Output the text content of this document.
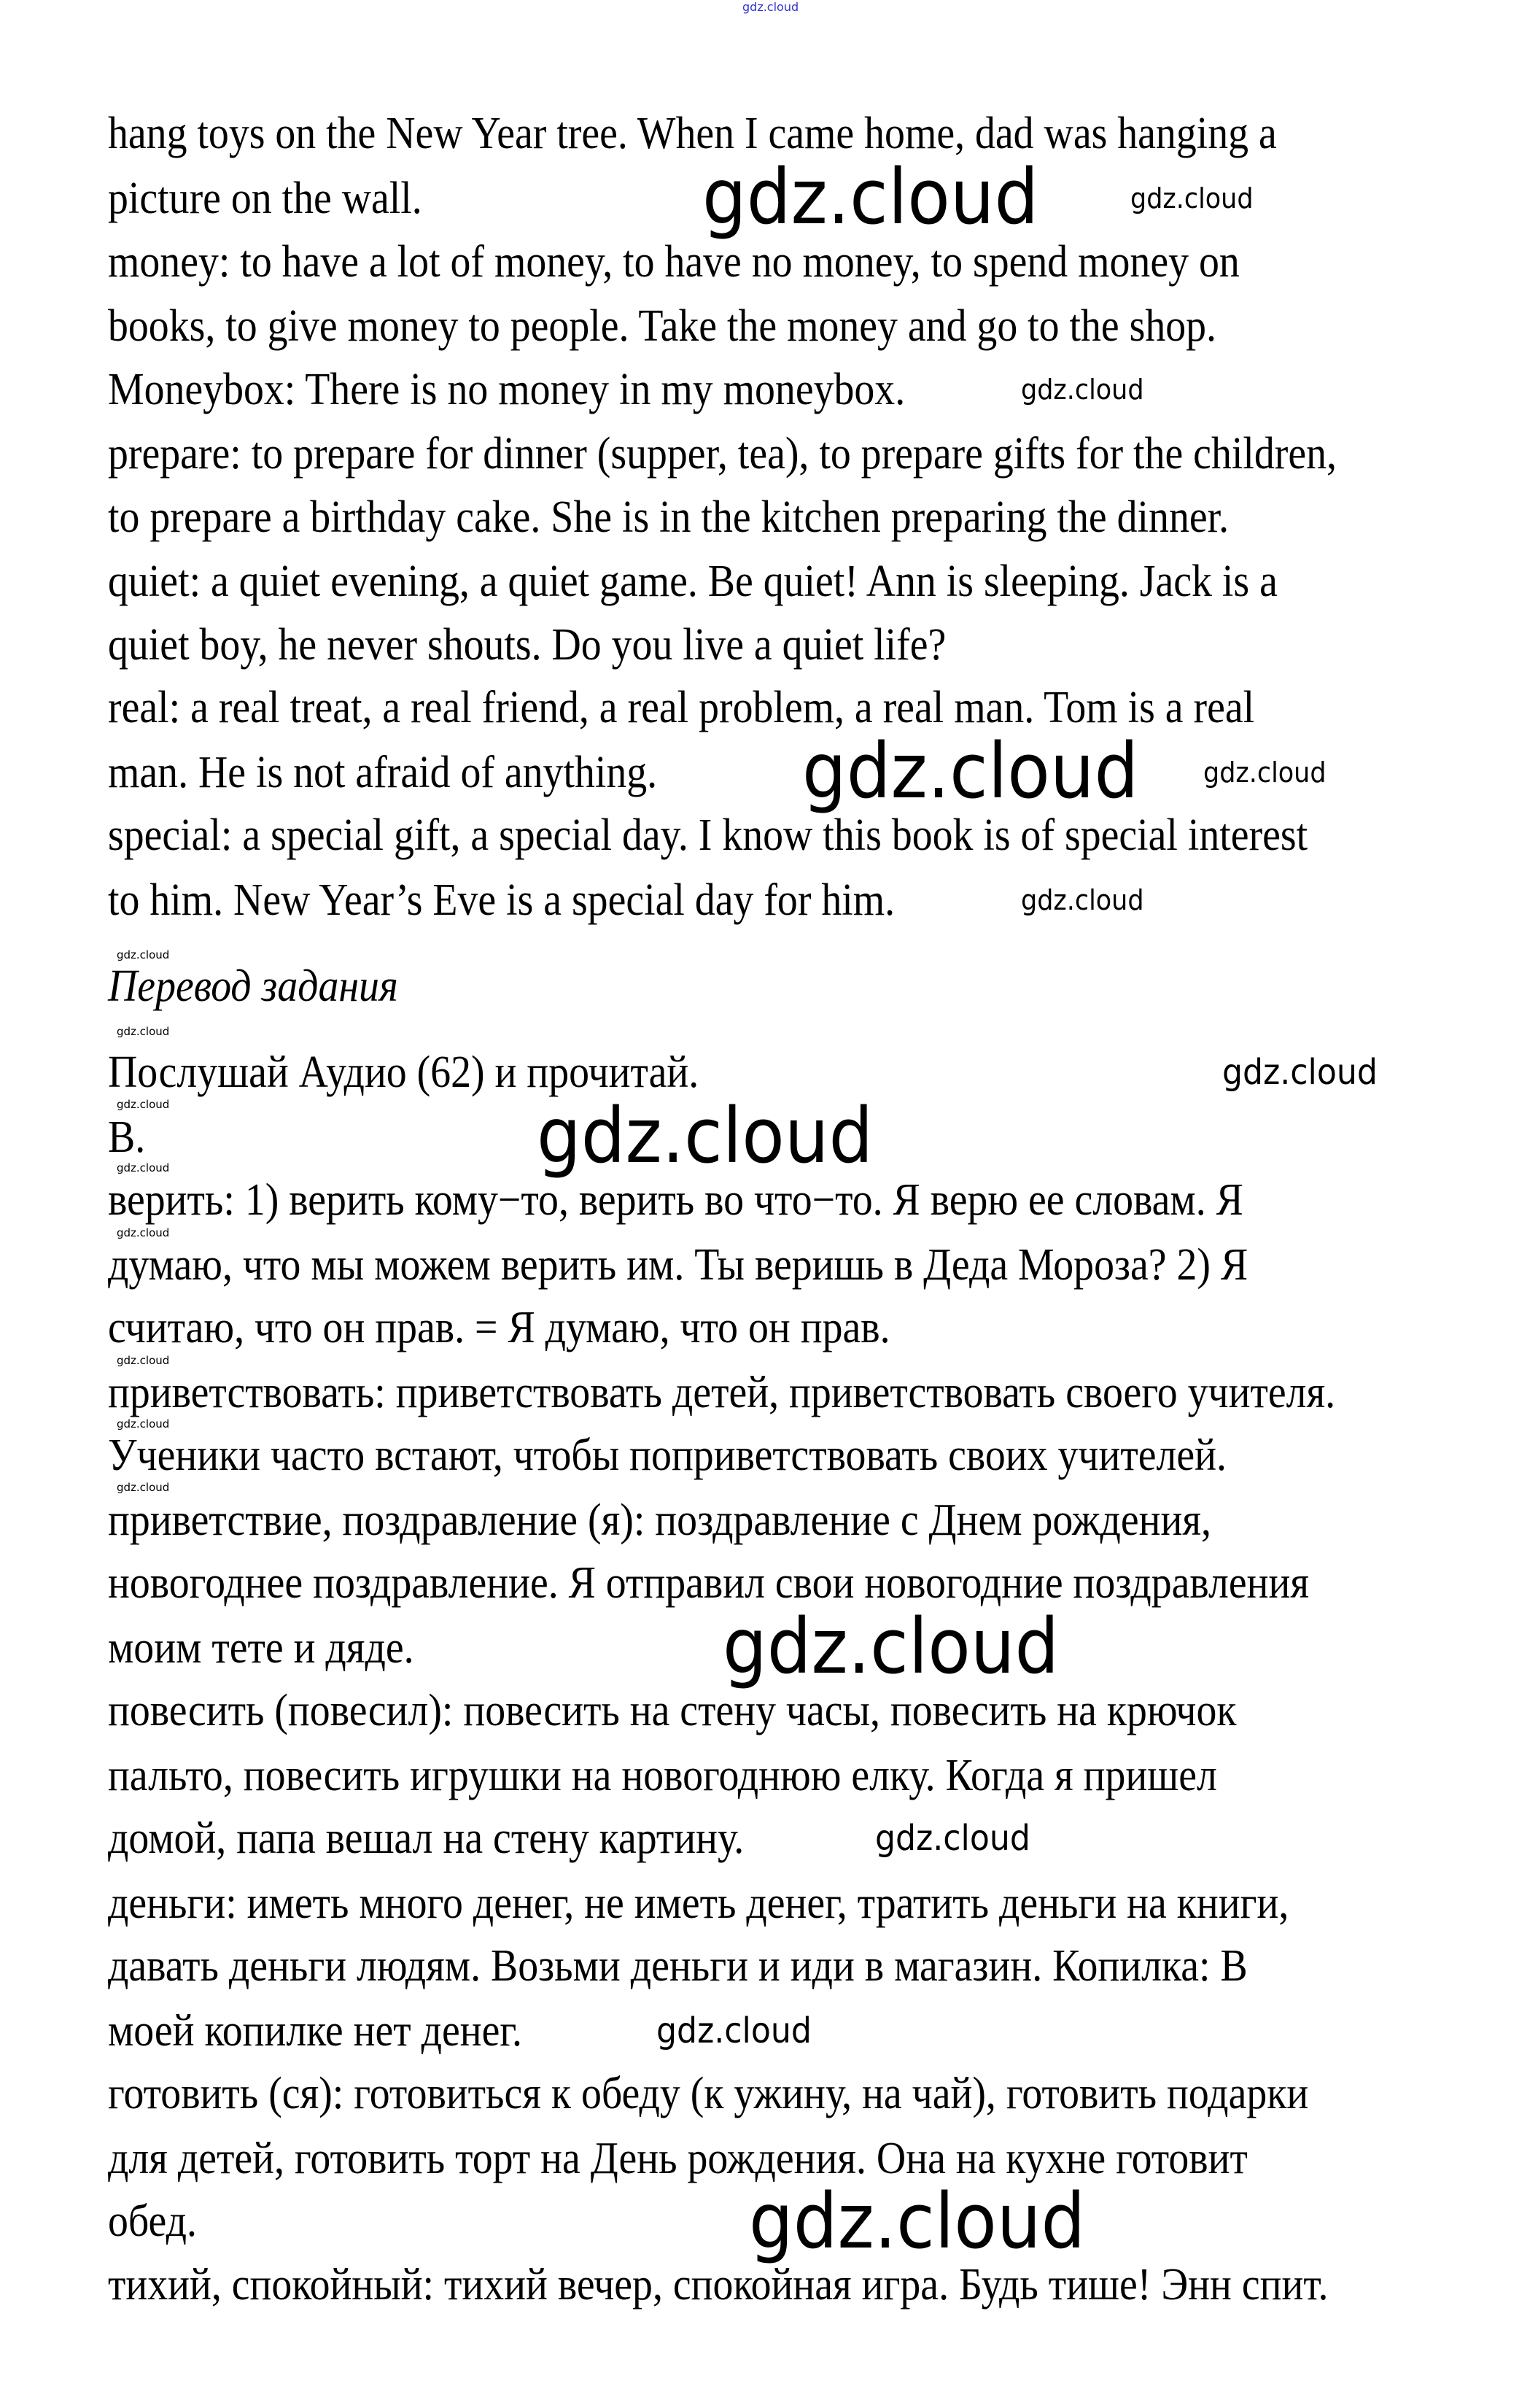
gdz.cloud
hang toys on the New Year tree. When I came home, dad was hanging a
picture on the wall.
money: to have a lot of money, to have no money, to spend money on
books, to give money to people. Take the money and go to the shop.
Moneybox: There is no money in my moneybox.
prepare: to prepare for dinner (supper, tea), to prepare gifts for the children,
to prepare a birthday cake. She is in the kitchen preparing the dinner.
quiet: a quiet evening, a quiet game. Be quiet! Ann is sleeping. Jack is a
quiet boy, he never shouts. Do you live a quiet life?
real: a real treat, a real friend, a real problem, a real man. Tom is a real
man. He is not afraid of anything.
special: a special gift, a special day. I know this book is of special interest
to him. New Year’s Eve is a special day for him.
Перевод задания
Послушай Аудио (62) и прочитай.
В.
верить: 1) верить кому−то, верить во что−то. Я верю ее словам. Я
думаю, что мы можем верить им. Ты веришь в Деда Мороза? 2) Я
считаю, что он прав. = Я думаю, что он прав.
приветствовать: приветствовать детей, приветствовать своего учителя.
Ученики часто встают, чтобы поприветствовать своих учителей.
приветствие, поздравление (я): поздравление с Днем рождения,
новогоднее поздравление. Я отправил свои новогодние поздравления
моим тете и дяде.
повесить (повесил): повесить на стену часы, повесить на крючок
пальто, повесить игрушки на новогоднюю елку. Когда я пришел
домой, папа вешал на стену картину.
деньги: иметь много денег, не иметь денег, тратить деньги на книги,
давать деньги людям. Возьми деньги и иди в магазин. Копилка: В
моей копилке нет денег.
готовить (ся): готовиться к обеду (к ужину, на чай), готовить подарки
для детей, готовить торт на День рождения. Она на кухне готовит
обед.
тихий, спокойный: тихий вечер, спокойная игра. Будь тише! Энн спит.
gdz.cloud
gdz.cloud
gdz.cloud
gdz.cloud
gdz.cloud
gdz.cloud
gdz.cloud
gdz.cloud
gdz.cloud
gdz.cloud
gdz.cloud
gdz.cloud
gdz.cloud
gdz.cloud
gdz.cloud
gdz.cloud
gdz.cloud
gdz.cloud
gdz.cloud
gdz.cloud
